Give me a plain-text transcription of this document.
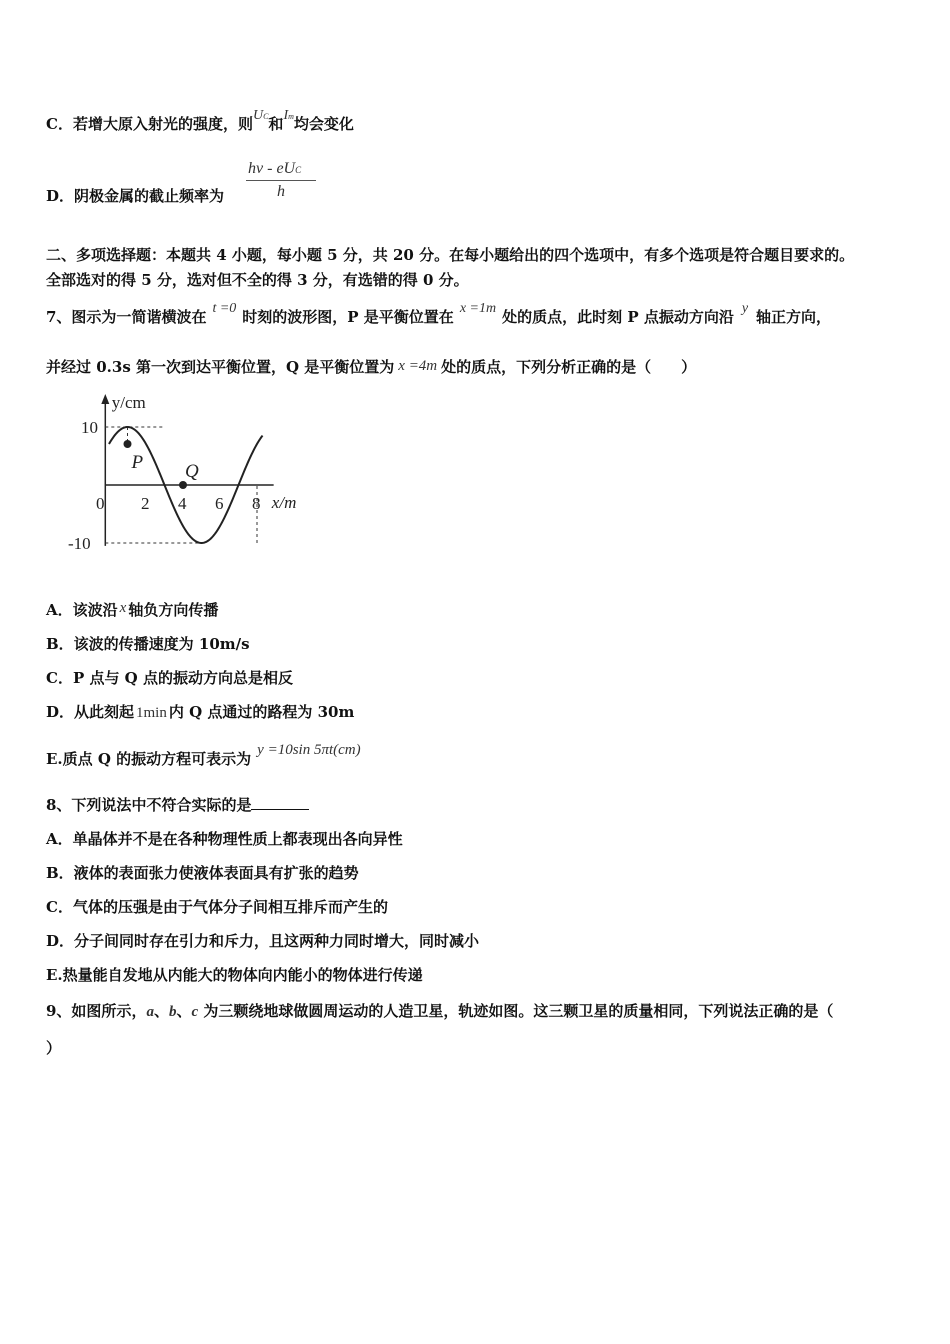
C．若增大原入射光的强度，则UC和Im均会变化
D．阴极金属的截止频率为
hv - eUC
h
二、多项选择题：本题共 4 小题，每小题 5 分，共 20 分。在每小题给出的四个选项中，有多个选项是符合题目要求的。
全部选对的得 5 分，选对但不全的得 3 分，有选错的得 0 分。
7、图示为一简谐横波在 t =0 时刻的波形图，P 是平衡位置在 x =1m 处的质点，此时刻 P 点振动方向沿 y 轴正方向，
并经过 0.3s 第一次到达平衡位置，Q 是平衡位置为 x =4m 处的质点，下列分析正确的是（　　）
y/cm
x/m
0 2 4 6 8
10
-10
P Q
A．该波沿 x 轴负方向传播
B．该波的传播速度为 10m/s
C．P 点与 Q 点的振动方向总是相反
D．从此刻起 1min 内 Q 点通过的路程为 30m
E.质点 Q 的振动方程可表示为 y =10sin 5πt(cm)
8、下列说法中不符合实际的是
A．单晶体并不是在各种物理性质上都表现出各向异性
B．液体的表面张力使液体表面具有扩张的趋势
C．气体的压强是由于气体分子间相互排斥而产生的
D．分子间同时存在引力和斥力，且这两种力同时增大，同时减小
E.热量能自发地从内能大的物体向内能小的物体进行传递
9、如图所示，a、b、c 为三颗绕地球做圆周运动的人造卫星，轨迹如图。这三颗卫星的质量相同，下列说法正确的是（
）
